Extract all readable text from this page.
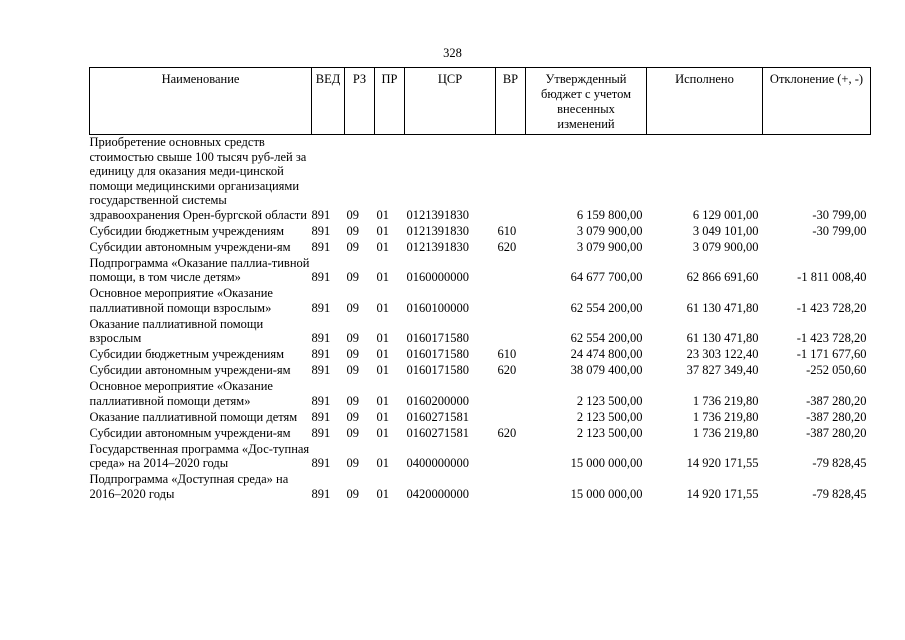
328
Наименование	ВЕД	РЗ	ПР	ЦСР	ВР	Утвержденный бюджет с учетом внесенных изменений	Исполнено	Отклонение (+, -)
Приобретение основных средств стоимостью свыше 100 тысяч руб-лей за единицу для оказания меди-цинской помощи медицинскими организациями государственной системы здравоохранения Орен-бургской области	891	09	01	0121391830		6 159 800,00	6 129 001,00	-30 799,00
Субсидии бюджетным учреждениям	891	09	01	0121391830	610	3 079 900,00	3 049 101,00	-30 799,00
Субсидии автономным учреждени-ям	891	09	01	0121391830	620	3 079 900,00	3 079 900,00	
Подпрограмма «Оказание паллиа-тивной помощи, в том числе детям»	891	09	01	0160000000		64 677 700,00	62 866 691,60	-1 811 008,40
Основное мероприятие «Оказание паллиативной помощи взрослым»	891	09	01	0160100000		62 554 200,00	61 130 471,80	-1 423 728,20
Оказание паллиативной помощи взрослым	891	09	01	0160171580		62 554 200,00	61 130 471,80	-1 423 728,20
Субсидии бюджетным учреждениям	891	09	01	0160171580	610	24 474 800,00	23 303 122,40	-1 171 677,60
Субсидии автономным учреждени-ям	891	09	01	0160171580	620	38 079 400,00	37 827 349,40	-252 050,60
Основное мероприятие «Оказание паллиативной помощи детям»	891	09	01	0160200000		2 123 500,00	1 736 219,80	-387 280,20
Оказание паллиативной помощи детям	891	09	01	0160271581		2 123 500,00	1 736 219,80	-387 280,20
Субсидии автономным учреждени-ям	891	09	01	0160271581	620	2 123 500,00	1 736 219,80	-387 280,20
Государственная программа «Дос-тупная среда» на 2014–2020 годы	891	09	01	0400000000		15 000 000,00	14 920 171,55	-79 828,45
Подпрограмма «Доступная среда» на 2016–2020 годы	891	09	01	0420000000		15 000 000,00	14 920 171,55	-79 828,45
